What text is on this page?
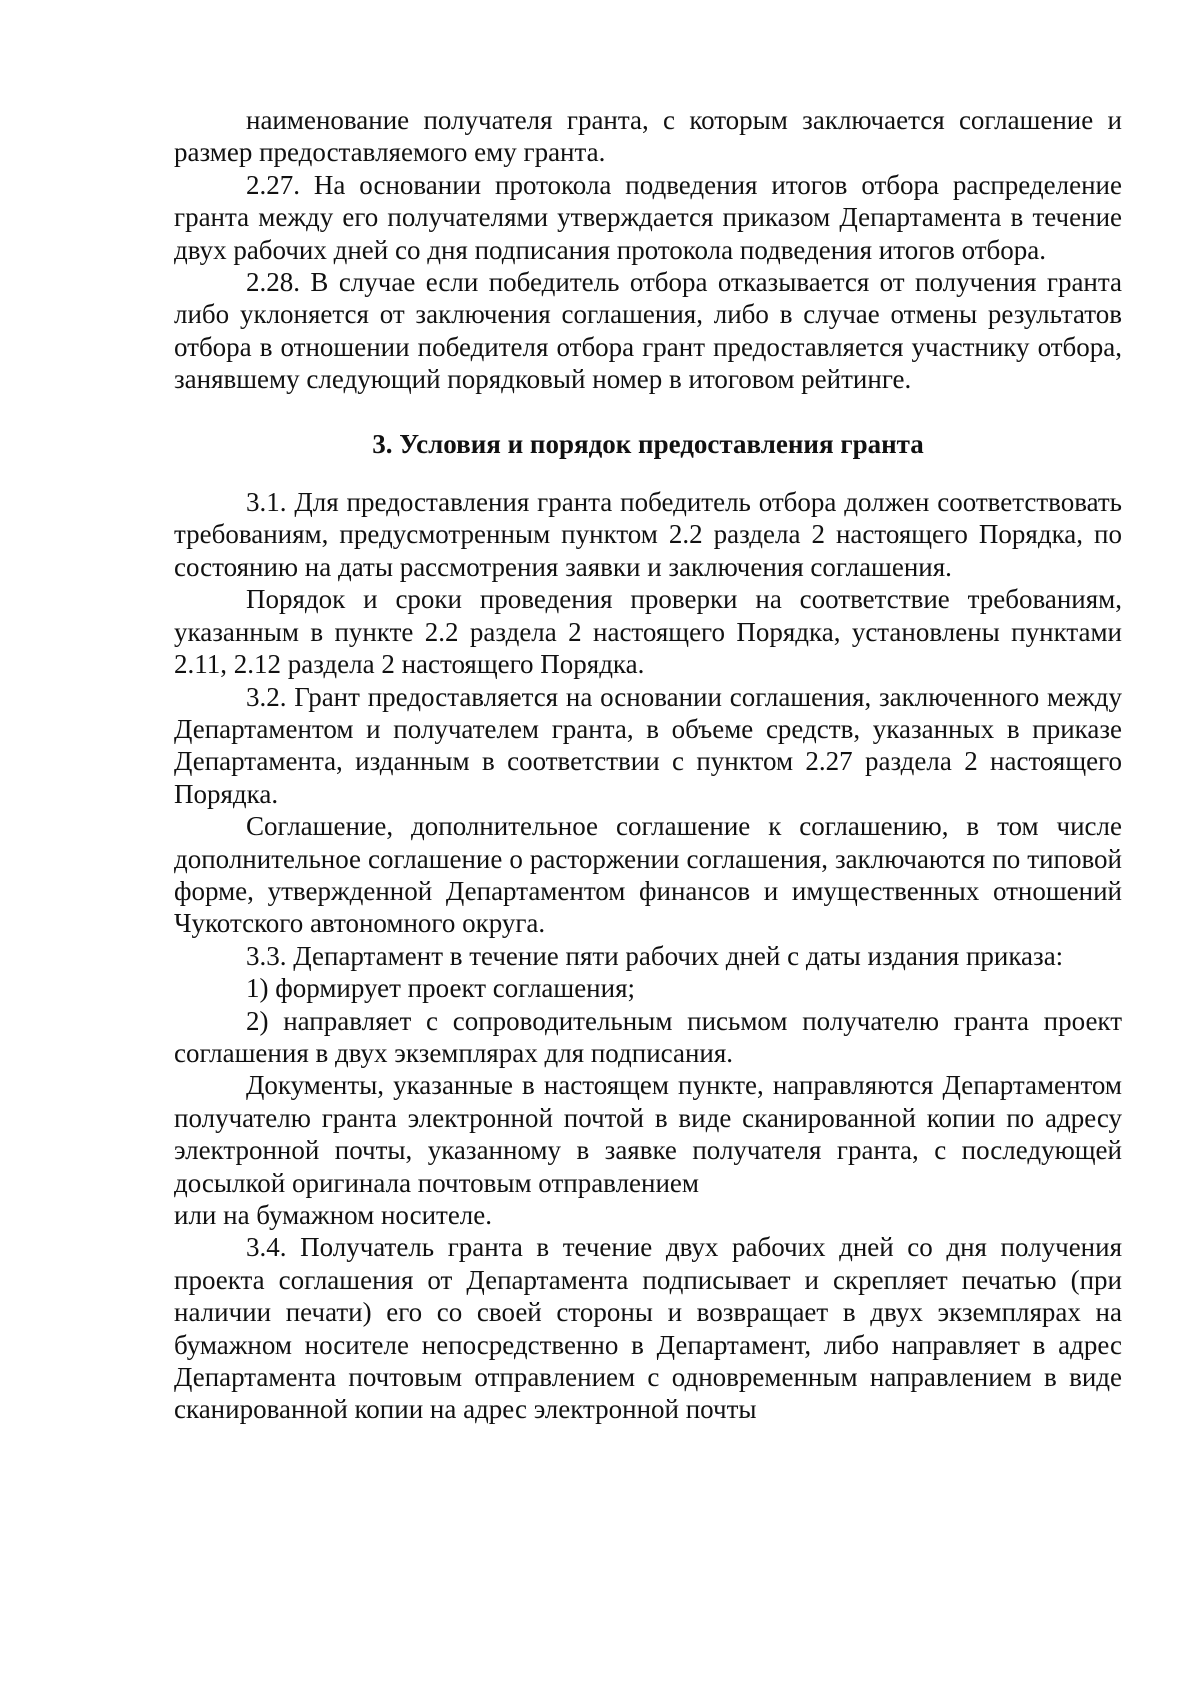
наименование получателя гранта, с которым заключается соглашение и размер предоставляемого ему гранта.

2.27. На основании протокола подведения итогов отбора распределение гранта между его получателями утверждается приказом Департамента в течение двух рабочих дней со дня подписания протокола подведения итогов отбора.

2.28. В случае если победитель отбора отказывается от получения гранта либо уклоняется от заключения соглашения, либо в случае отмены результатов отбора в отношении победителя отбора грант предоставляется участнику отбора, занявшему следующий порядковый номер в итоговом рейтинге.

3. Условия и порядок предоставления гранта

3.1. Для предоставления гранта победитель отбора должен соответствовать требованиям, предусмотренным пунктом 2.2 раздела 2 настоящего Порядка, по состоянию на даты рассмотрения заявки и заключения соглашения.

Порядок и сроки проведения проверки на соответствие требованиям, указанным в пункте 2.2 раздела 2 настоящего Порядка, установлены пунктами 2.11, 2.12 раздела 2 настоящего Порядка.

3.2. Грант предоставляется на основании соглашения, заключенного между Департаментом и получателем гранта, в объеме средств, указанных в приказе Департамента, изданным в соответствии с пунктом 2.27 раздела 2 настоящего Порядка.

Соглашение, дополнительное соглашение к соглашению, в том числе дополнительное соглашение о расторжении соглашения, заключаются по типовой форме, утвержденной Департаментом финансов и имущественных отношений Чукотского автономного округа.

3.3. Департамент в течение пяти рабочих дней с даты издания приказа:

1) формирует проект соглашения;

2) направляет с сопроводительным письмом получателю гранта проект соглашения в двух экземплярах для подписания.

Документы, указанные в настоящем пункте, направляются Департаментом получателю гранта электронной почтой в виде сканированной копии по адресу электронной почты, указанному в заявке получателя гранта, с последующей досылкой оригинала почтовым отправлением

или на бумажном носителе.

3.4. Получатель гранта в течение двух рабочих дней со дня получения проекта соглашения от Департамента подписывает и скрепляет печатью (при наличии печати) его со своей стороны и возвращает в двух экземплярах на бумажном носителе непосредственно в Департамент, либо направляет в адрес Департамента почтовым отправлением с одновременным направлением в виде сканированной копии на адрес электронной почты
